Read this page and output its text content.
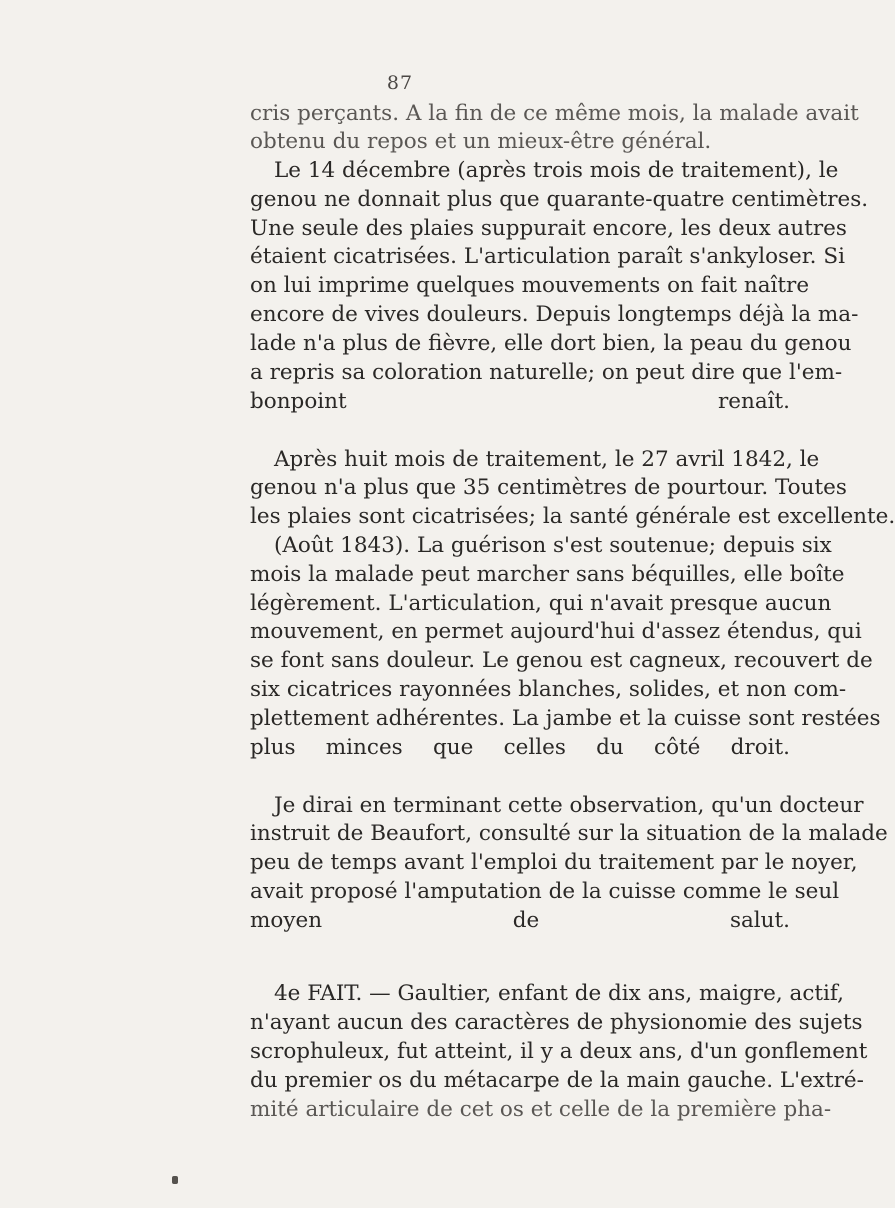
87
cris perçants. A la fin de ce même mois, la malade avait
obtenu du repos et un mieux-être général.
Le 14 décembre (après trois mois de traitement), le
genou ne donnait plus que quarante-quatre centimètres.
Une seule des plaies suppurait encore, les deux autres
étaient cicatrisées. L'articulation paraît s'ankyloser. Si
on lui imprime quelques mouvements on fait naître
encore de vives douleurs. Depuis longtemps déjà la ma-
lade n'a plus de fièvre, elle dort bien, la peau du genou
a repris sa coloration naturelle; on peut dire que l'em-
bonpoint renaît.
Après huit mois de traitement, le 27 avril 1842, le
genou n'a plus que 35 centimètres de pourtour. Toutes
les plaies sont cicatrisées; la santé générale est excellente.
(Août 1843). La guérison s'est soutenue; depuis six
mois la malade peut marcher sans béquilles, elle boîte
légèrement. L'articulation, qui n'avait presque aucun
mouvement, en permet aujourd'hui d'assez étendus, qui
se font sans douleur. Le genou est cagneux, recouvert de
six cicatrices rayonnées blanches, solides, et non com-
plettement adhérentes. La jambe et la cuisse sont restées
plus minces que celles du côté droit.
Je dirai en terminant cette observation, qu'un docteur
instruit de Beaufort, consulté sur la situation de la malade
peu de temps avant l'emploi du traitement par le noyer,
avait proposé l'amputation de la cuisse comme le seul
moyen de salut.
4e FAIT. — Gaultier, enfant de dix ans, maigre, actif,
n'ayant aucun des caractères de physionomie des sujets
scrophuleux, fut atteint, il y a deux ans, d'un gonflement
du premier os du métacarpe de la main gauche. L'extré-
mité articulaire de cet os et celle de la première pha-
